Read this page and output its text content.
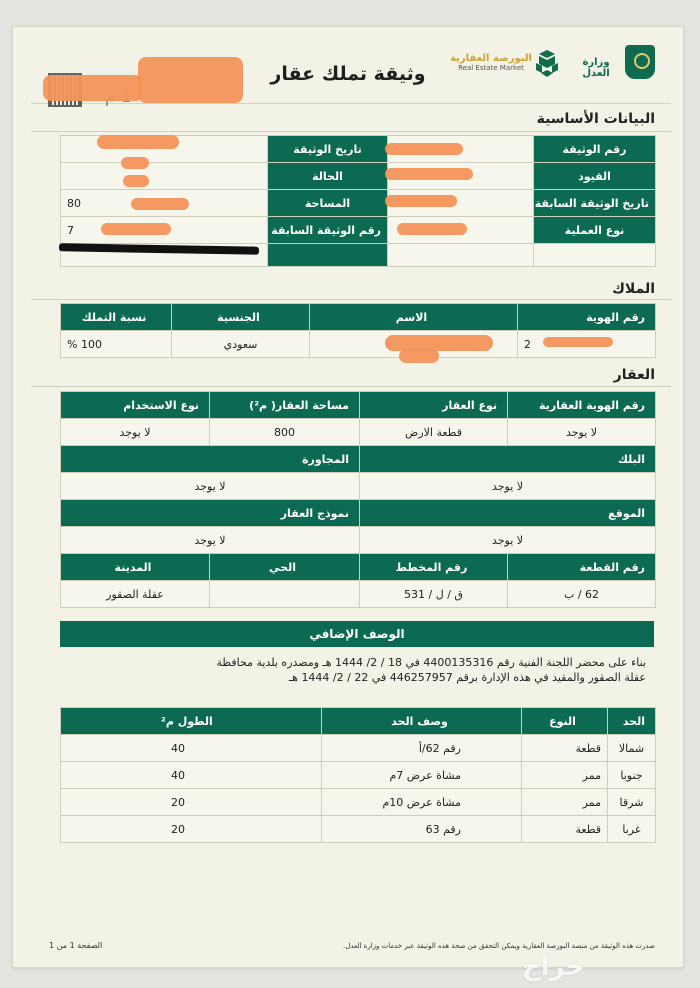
وزارة العدل
البورصة العقارية
Real Estate Market
وثيقة تملك عقار
البيانات الأساسية
رقم الوثيقة		تاريخ الوثيقة	
القيود		الحالة	
تاريخ الوثيقة السابقة		المساحة	80
نوع العملية		رقم الوثيقة السابقة	7

الملاك
رقم الهوية	الاسم	الجنسية	نسبة التملك
2		سعودي	100 %
العقار
رقم الهوية العقارية	نوع العقار	مساحة العقار( م²)	نوع الاستخدام
لا يوجد	قطعة الارض	800	لا يوجد
البلك		المجاورة	
لا يوجد		لا يوجد	
الموقع		نموذج العقار	
لا يوجد		لا يوجد	
رقم القطعة	رقم المخطط	الحي	المدينة
62 / ب	ق / ل / 531		عقلة الصقور
الوصف الإضافي
بناء على محضر اللجنة الفنية رقم 4400135316 في 18 / 2/ 1444 هـ ومصدره بلدية محافظة
عقلة الصقور والمقيد في هذه الإدارة برقم 446257957 في 22 / 2/ 1444 هـ
الحد	النوع	وصف الحد	الطول م²
شمالا	قطعة	رقم 62/أ	40
جنوبا	ممر	مشاة عرض 7م	40
شرقا	ممر	مشاة عرض 10م	20
غربا	قطعة	رقم 63	20
صدرت هذه الوثيقة من منصة البورصة العقارية ويمكن التحقق من صحة هذه الوثيقة عبر خدمات وزارة العدل.
الصفحة 1 من 1
حراج
